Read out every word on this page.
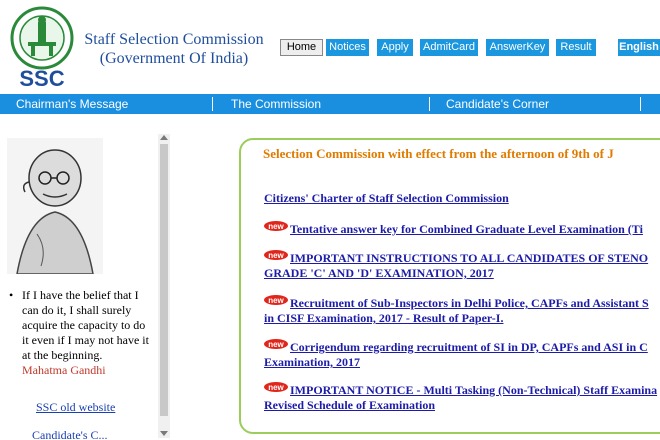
SSC
Staff Selection Commission
(Government Of India)
Home	Notices	Apply	AdmitCard	AnswerKey	Result	English
Chairman's Message	The Commission	Candidate's Corner
• If I have the belief that I can do it, I shall surely acquire the capacity to do it even if I may not have it at the beginning.
Mahatma Gandhi
SSC old website
Candidate's C...
Selection Commission with effect from the afternoon of 9th of J
Citizens' Charter of Staff Selection Commission
new Tentative answer key for Combined Graduate Level Examination (Ti
new IMPORTANT INSTRUCTIONS TO ALL CANDIDATES OF STENO
GRADE 'C' AND 'D' EXAMINATION, 2017
new Recruitment of Sub-Inspectors in Delhi Police, CAPFs and Assistant S
in CISF Examination, 2017 - Result of Paper-I.
new Corrigendum regarding recruitment of SI in DP, CAPFs and ASI in C
Examination, 2017
new IMPORTANT NOTICE - Multi Tasking (Non-Technical) Staff Examina
Revised Schedule of Examination
